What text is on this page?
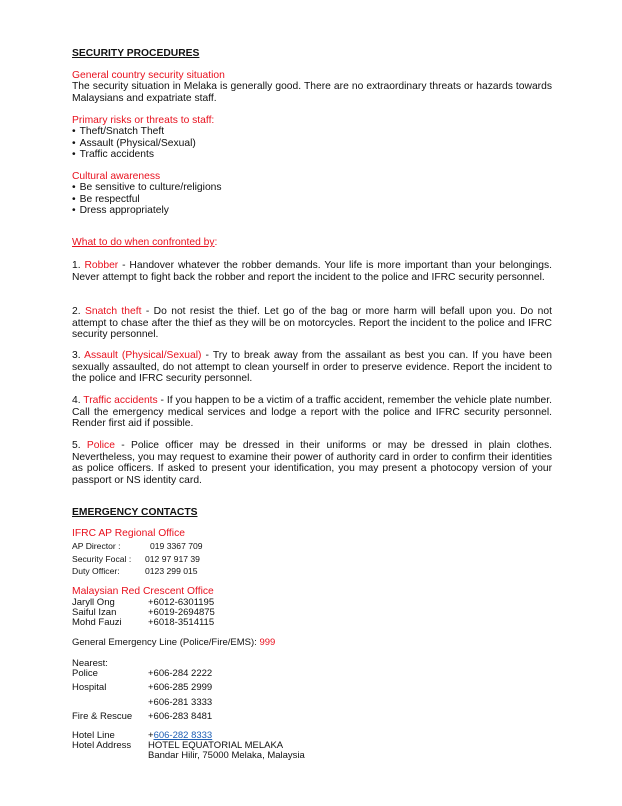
SECURITY PROCEDURES
General country security situation
The security situation in Melaka is generally good. There are no extraordinary threats or hazards towards Malaysians and expatriate staff.
Primary risks or threats to staff:
• Theft/Snatch Theft
• Assault (Physical/Sexual)
• Traffic accidents
Cultural awareness
• Be sensitive to culture/religions
• Be respectful
• Dress appropriately
What to do when confronted by:
1. Robber - Handover whatever the robber demands. Your life is more important than your belongings. Never attempt to fight back the robber and report the incident to the police and IFRC security personnel.
2. Snatch theft - Do not resist the thief. Let go of the bag or more harm will befall upon you. Do not attempt to chase after the thief as they will be on motorcycles. Report the incident to the police and IFRC security personnel.
3. Assault (Physical/Sexual) - Try to break away from the assailant as best you can. If you have been sexually assaulted, do not attempt to clean yourself in order to preserve evidence. Report the incident to the police and IFRC security personnel.
4. Traffic accidents - If you happen to be a victim of a traffic accident, remember the vehicle plate number. Call the emergency medical services and lodge a report with the police and IFRC security personnel. Render first aid if possible.
5. Police - Police officer may be dressed in their uniforms or may be dressed in plain clothes. Nevertheless, you may request to examine their power of authority card in order to confirm their identities as police officers. If asked to present your identification, you may present a photocopy version of your passport or NS identity card.
EMERGENCY CONTACTS
IFRC AP Regional Office
AP Director :	019 3367 709
Security Focal : 012 97 917 39
Duty Officer:	0123 299 015
Malaysian Red Crescent Office
Jaryll Ong	+6012-6301195
Saiful Izan	+6019-2694875
Mohd Fauzi	+6018-3514115
General Emergency Line (Police/Fire/EMS): 999
Nearest:
Police	+606-284 2222
Hospital	+606-285 2999
+606-281 3333
Fire & Rescue +606-283 8481
Hotel Line	+606-282 8333
Hotel Address HOTEL EQUATORIAL MELAKA
Bandar Hilir, 75000 Melaka, Malaysia
